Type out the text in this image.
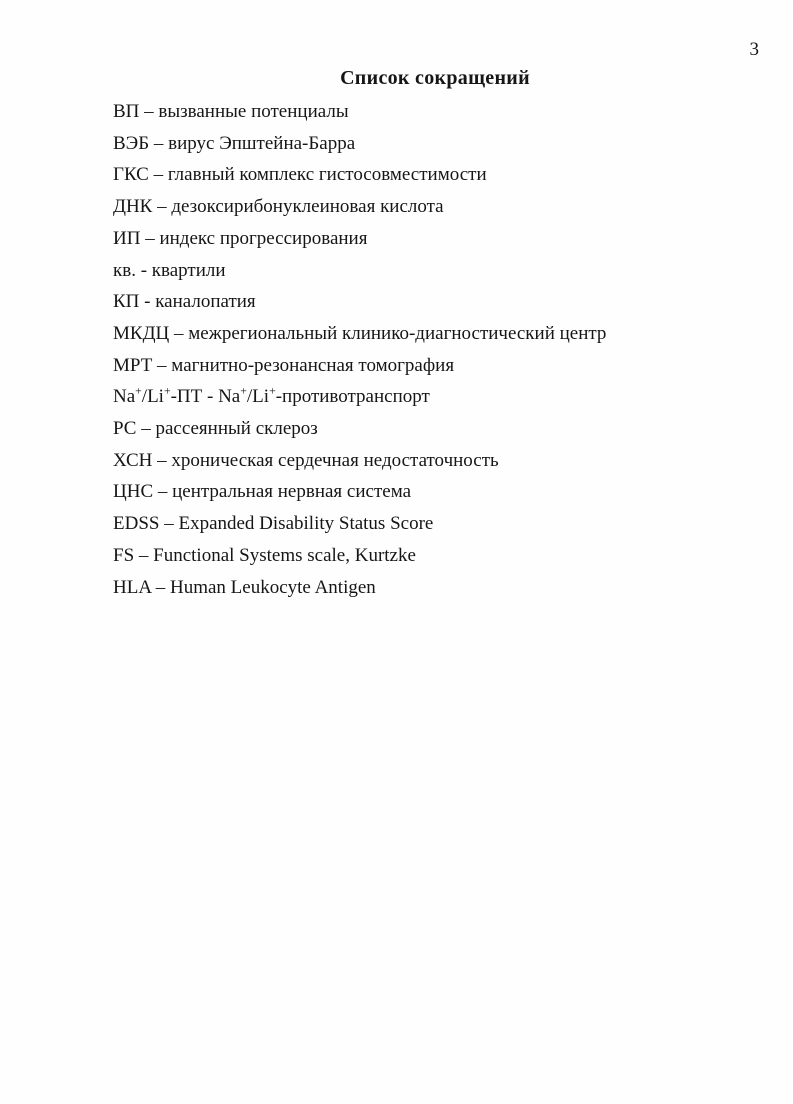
3
Список сокращений
ВП – вызванные потенциалы
ВЭБ – вирус Эпштейна-Барра
ГКС – главный комплекс гистосовместимости
ДНК – дезоксирибонуклеиновая кислота
ИП – индекс прогрессирования
кв. - квартили
КП - каналопатия
МКДЦ – межрегиональный клинико-диагностический центр
МРТ – магнитно-резонансная томография
Na+/Li+-ПТ - Na+/Li+-противотранспорт
РС – рассеянный склероз
ХСН – хроническая сердечная недостаточность
ЦНС – центральная нервная система
EDSS – Expanded Disability Status Score
FS – Functional Systems scale, Kurtzke
HLA – Human Leukocyte Antigen
